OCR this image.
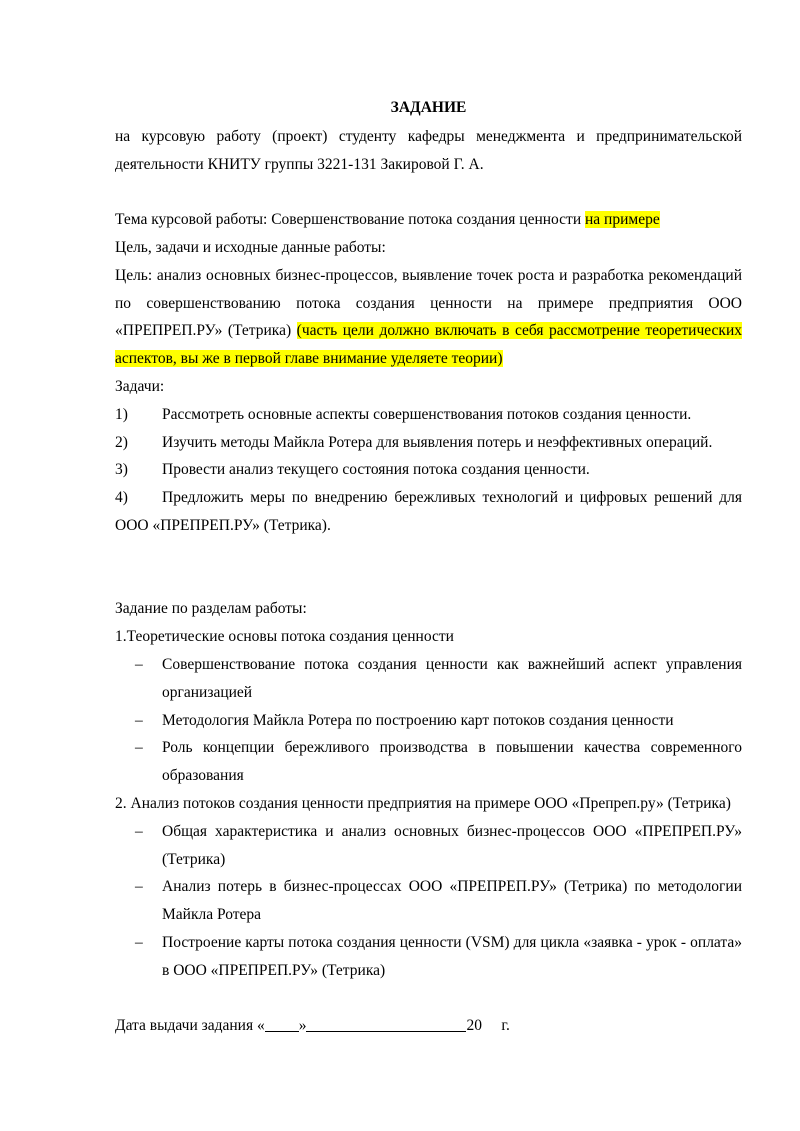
ЗАДАНИЕ

на курсовую работу (проект) студенту кафедры менеджмента и предпринимательской деятельности КНИТУ группы 3221-131 Закировой Г. А.

Тема курсовой работы: Совершенствование потока создания ценности на примере

Цель, задачи и исходные данные работы:

Цель: анализ основных бизнес-процессов, выявление точек роста и разработка рекомендаций по совершенствованию потока создания ценности на примере предприятия ООО «ПРЕПРЕП.РУ» (Тетрика) (часть цели должно включать в себя рассмотрение теоретических аспектов, вы же в первой главе внимание уделяете теории)

Задачи:

1)	Рассмотреть основные аспекты совершенствования потоков создания ценности.
2)	Изучить методы Майкла Ротера для выявления потерь и неэффективных операций.
3)	Провести анализ текущего состояния потока создания ценности.
4)	Предложить меры по внедрению бережливых технологий и цифровых решений для

ООО «ПРЕПРЕП.РУ» (Тетрика).

Задание по разделам работы:

1.Теоретические основы потока создания ценности

–	Совершенствование потока создания ценности как важнейший аспект управления организацией
–	Методология Майкла Ротера по построению карт потоков создания ценности
–	Роль концепции бережливого производства в повышении качества современного образования

2. Анализ потоков создания ценности предприятия на примере ООО «Препреп.ру» (Тетрика)

–	Общая характеристика и анализ основных бизнес-процессов ООО «ПРЕПРЕП.РУ» (Тетрика)
–	Анализ потерь в бизнес-процессах ООО «ПРЕПРЕП.РУ» (Тетрика) по методологии Майкла Ротера
–	Построение карты потока создания ценности (VSM) для цикла «заявка - урок - оплата» в ООО «ПРЕПРЕП.РУ» (Тетрика)

Дата выдачи задания « »	20 г.
